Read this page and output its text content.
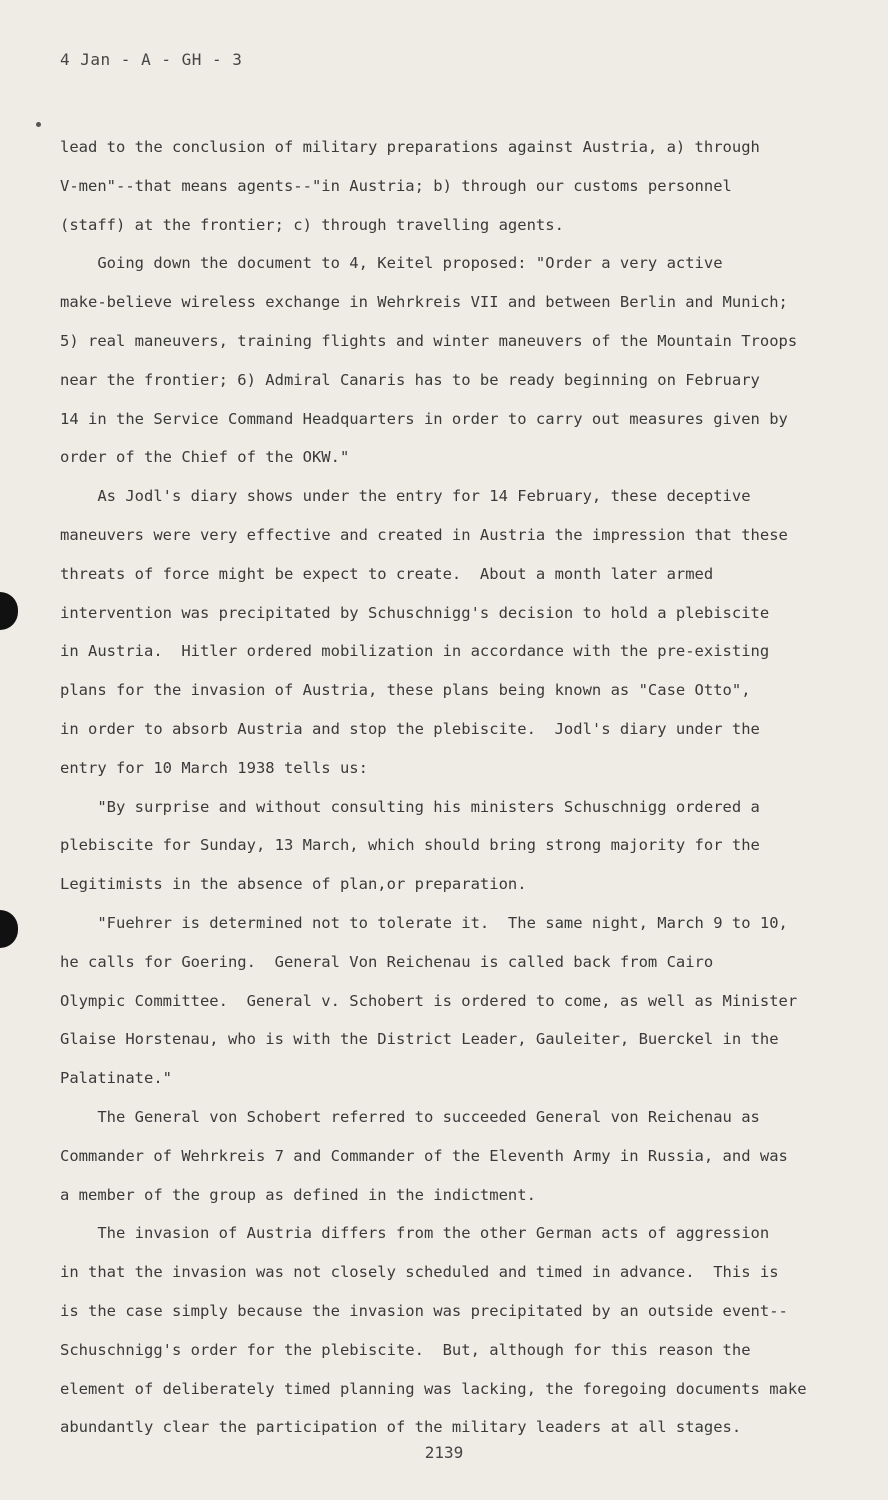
4 Jan - A - GH - 3
lead to the conclusion of military preparations against Austria, a) through
V-men"--that means agents--"in Austria; b) through our customs personnel
(staff) at the frontier; c) through travelling agents.
Going down the document to 4, Keitel proposed: "Order a very active
make-believe wireless exchange in Wehrkreis VII and between Berlin and Munich;
5) real maneuvers, training flights and winter maneuvers of the Mountain Troops
near the frontier; 6) Admiral Canaris has to be ready beginning on February
14 in the Service Command Headquarters in order to carry out measures given by
order of the Chief of the OKW."
As Jodl's diary shows under the entry for 14 February, these deceptive
maneuvers were very effective and created in Austria the impression that these
threats of force might be expect to create.  About a month later armed
intervention was precipitated by Schuschnigg's decision to hold a plebiscite
in Austria.  Hitler ordered mobilization in accordance with the pre-existing
plans for the invasion of Austria, these plans being known as "Case Otto",
in order to absorb Austria and stop the plebiscite.  Jodl's diary under the
entry for 10 March 1938 tells us:
"By surprise and without consulting his ministers Schuschnigg ordered a
plebiscite for Sunday, 13 March, which should bring strong majority for the
Legitimists in the absence of plan,or preparation.
"Fuehrer is determined not to tolerate it.  The same night, March 9 to 10,
he calls for Goering.  General Von Reichenau is called back from Cairo
Olympic Committee.  General v. Schobert is ordered to come, as well as Minister
Glaise Horstenau, who is with the District Leader, Gauleiter, Buerckel in the
Palatinate."
The General von Schobert referred to succeeded General von Reichenau as
Commander of Wehrkreis 7 and Commander of the Eleventh Army in Russia, and was
a member of the group as defined in the indictment.
The invasion of Austria differs from the other German acts of aggression
in that the invasion was not closely scheduled and timed in advance.  This is
is the case simply because the invasion was precipitated by an outside event--
Schuschnigg's order for the plebiscite.  But, although for this reason the
element of deliberately timed planning was lacking, the foregoing documents make
abundantly clear the participation of the military leaders at all stages.
2139
